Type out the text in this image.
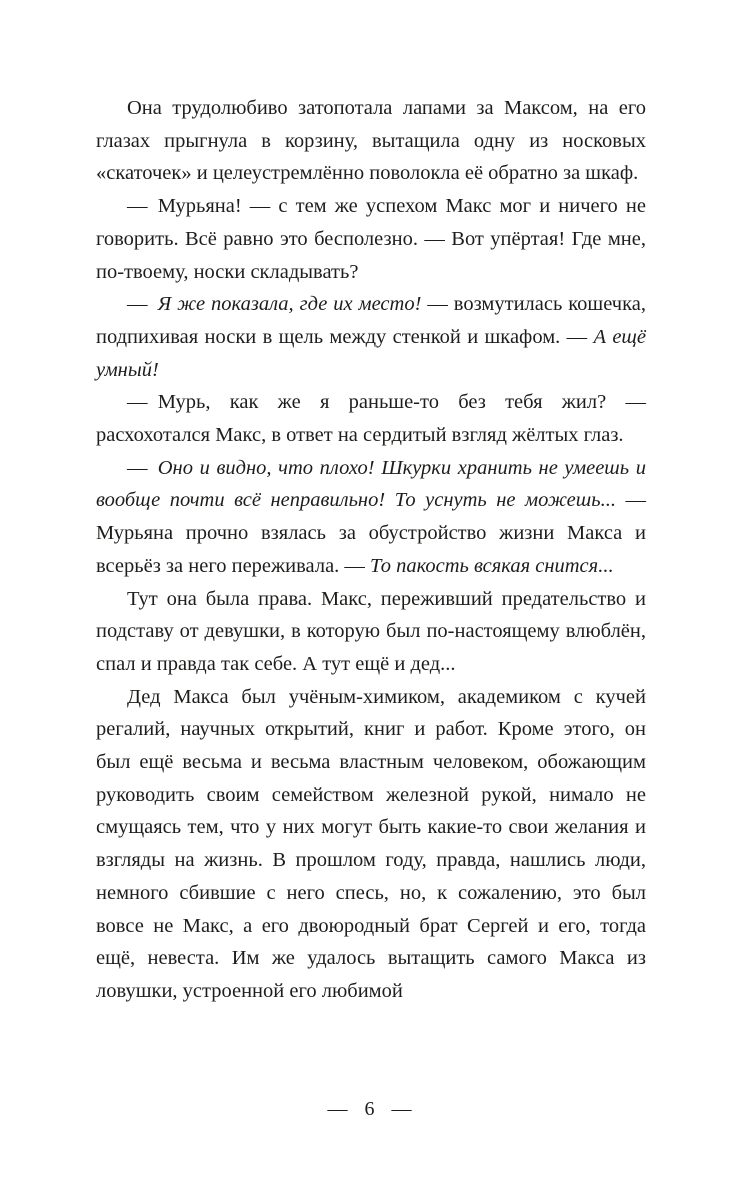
Она трудолюбиво затопотала лапами за Максом, на его глазах прыгнула в корзину, вытащила одну из носковых «скаточек» и целеустремлённо поволокла её обратно за шкаф.

— Мурьяна! — с тем же успехом Макс мог и ничего не говорить. Всё равно это бесполезно. — Вот упёртая! Где мне, по-твоему, носки складывать?

— Я же показала, где их место! — возмутилась кошечка, подпихивая носки в щель между стенкой и шкафом. — А ещё умный!

— Мурь, как же я раньше-то без тебя жил? — расхохотался Макс, в ответ на сердитый взгляд жёлтых глаз.

— Оно и видно, что плохо! Шкурки хранить не умеешь и вообще почти всё неправильно! То уснуть не можешь... — Мурьяна прочно взялась за обустройство жизни Макса и всерьёз за него переживала. — То пакость всякая снится...

Тут она была права. Макс, переживший предательство и подставу от девушки, в которую был по-настоящему влюблён, спал и правда так себе. А тут ещё и дед...

Дед Макса был учёным-химиком, академиком с кучей регалий, научных открытий, книг и работ. Кроме этого, он был ещё весьма и весьма властным человеком, обожающим руководить своим семейством железной рукой, нимало не смущаясь тем, что у них могут быть какие-то свои желания и взгляды на жизнь. В прошлом году, правда, нашлись люди, немного сбившие с него спесь, но, к сожалению, это был вовсе не Макс, а его двоюродный брат Сергей и его, тогда ещё, невеста. Им же удалось вытащить самого Макса из ловушки, устроенной его любимой

— 6 —
